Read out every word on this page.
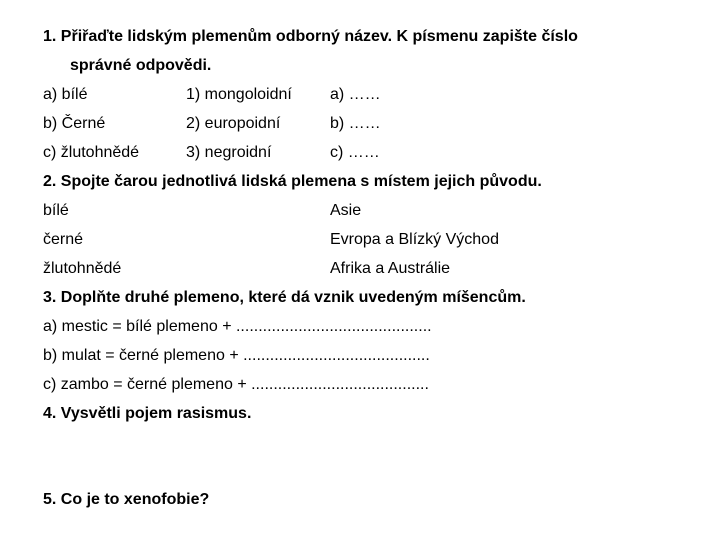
1. Přiřaďte lidským plemenům odborný název. K písmenu zapište číslo
správné odpovědi.
a) bílé	1) mongoloidní a) ……
b) Černé	2) europoidní	b) ……
c) žlutohnědé	3) negroidní	c) ……
2. Spojte čarou jednotlivá lidská plemena s místem jejich původu.
bílé	Asie
černé	Evropa a Blízký Východ
žlutohnědé	Afrika a Austrálie
3. Doplňte druhé plemeno, které dá vznik uvedeným míšencům.
a) mestic = bílé plemeno + ............................................
b) mulat = černé plemeno + ..........................................
c) zambo = černé plemeno + ........................................
4. Vysvětli pojem rasismus.
5. Co je to xenofobie?
